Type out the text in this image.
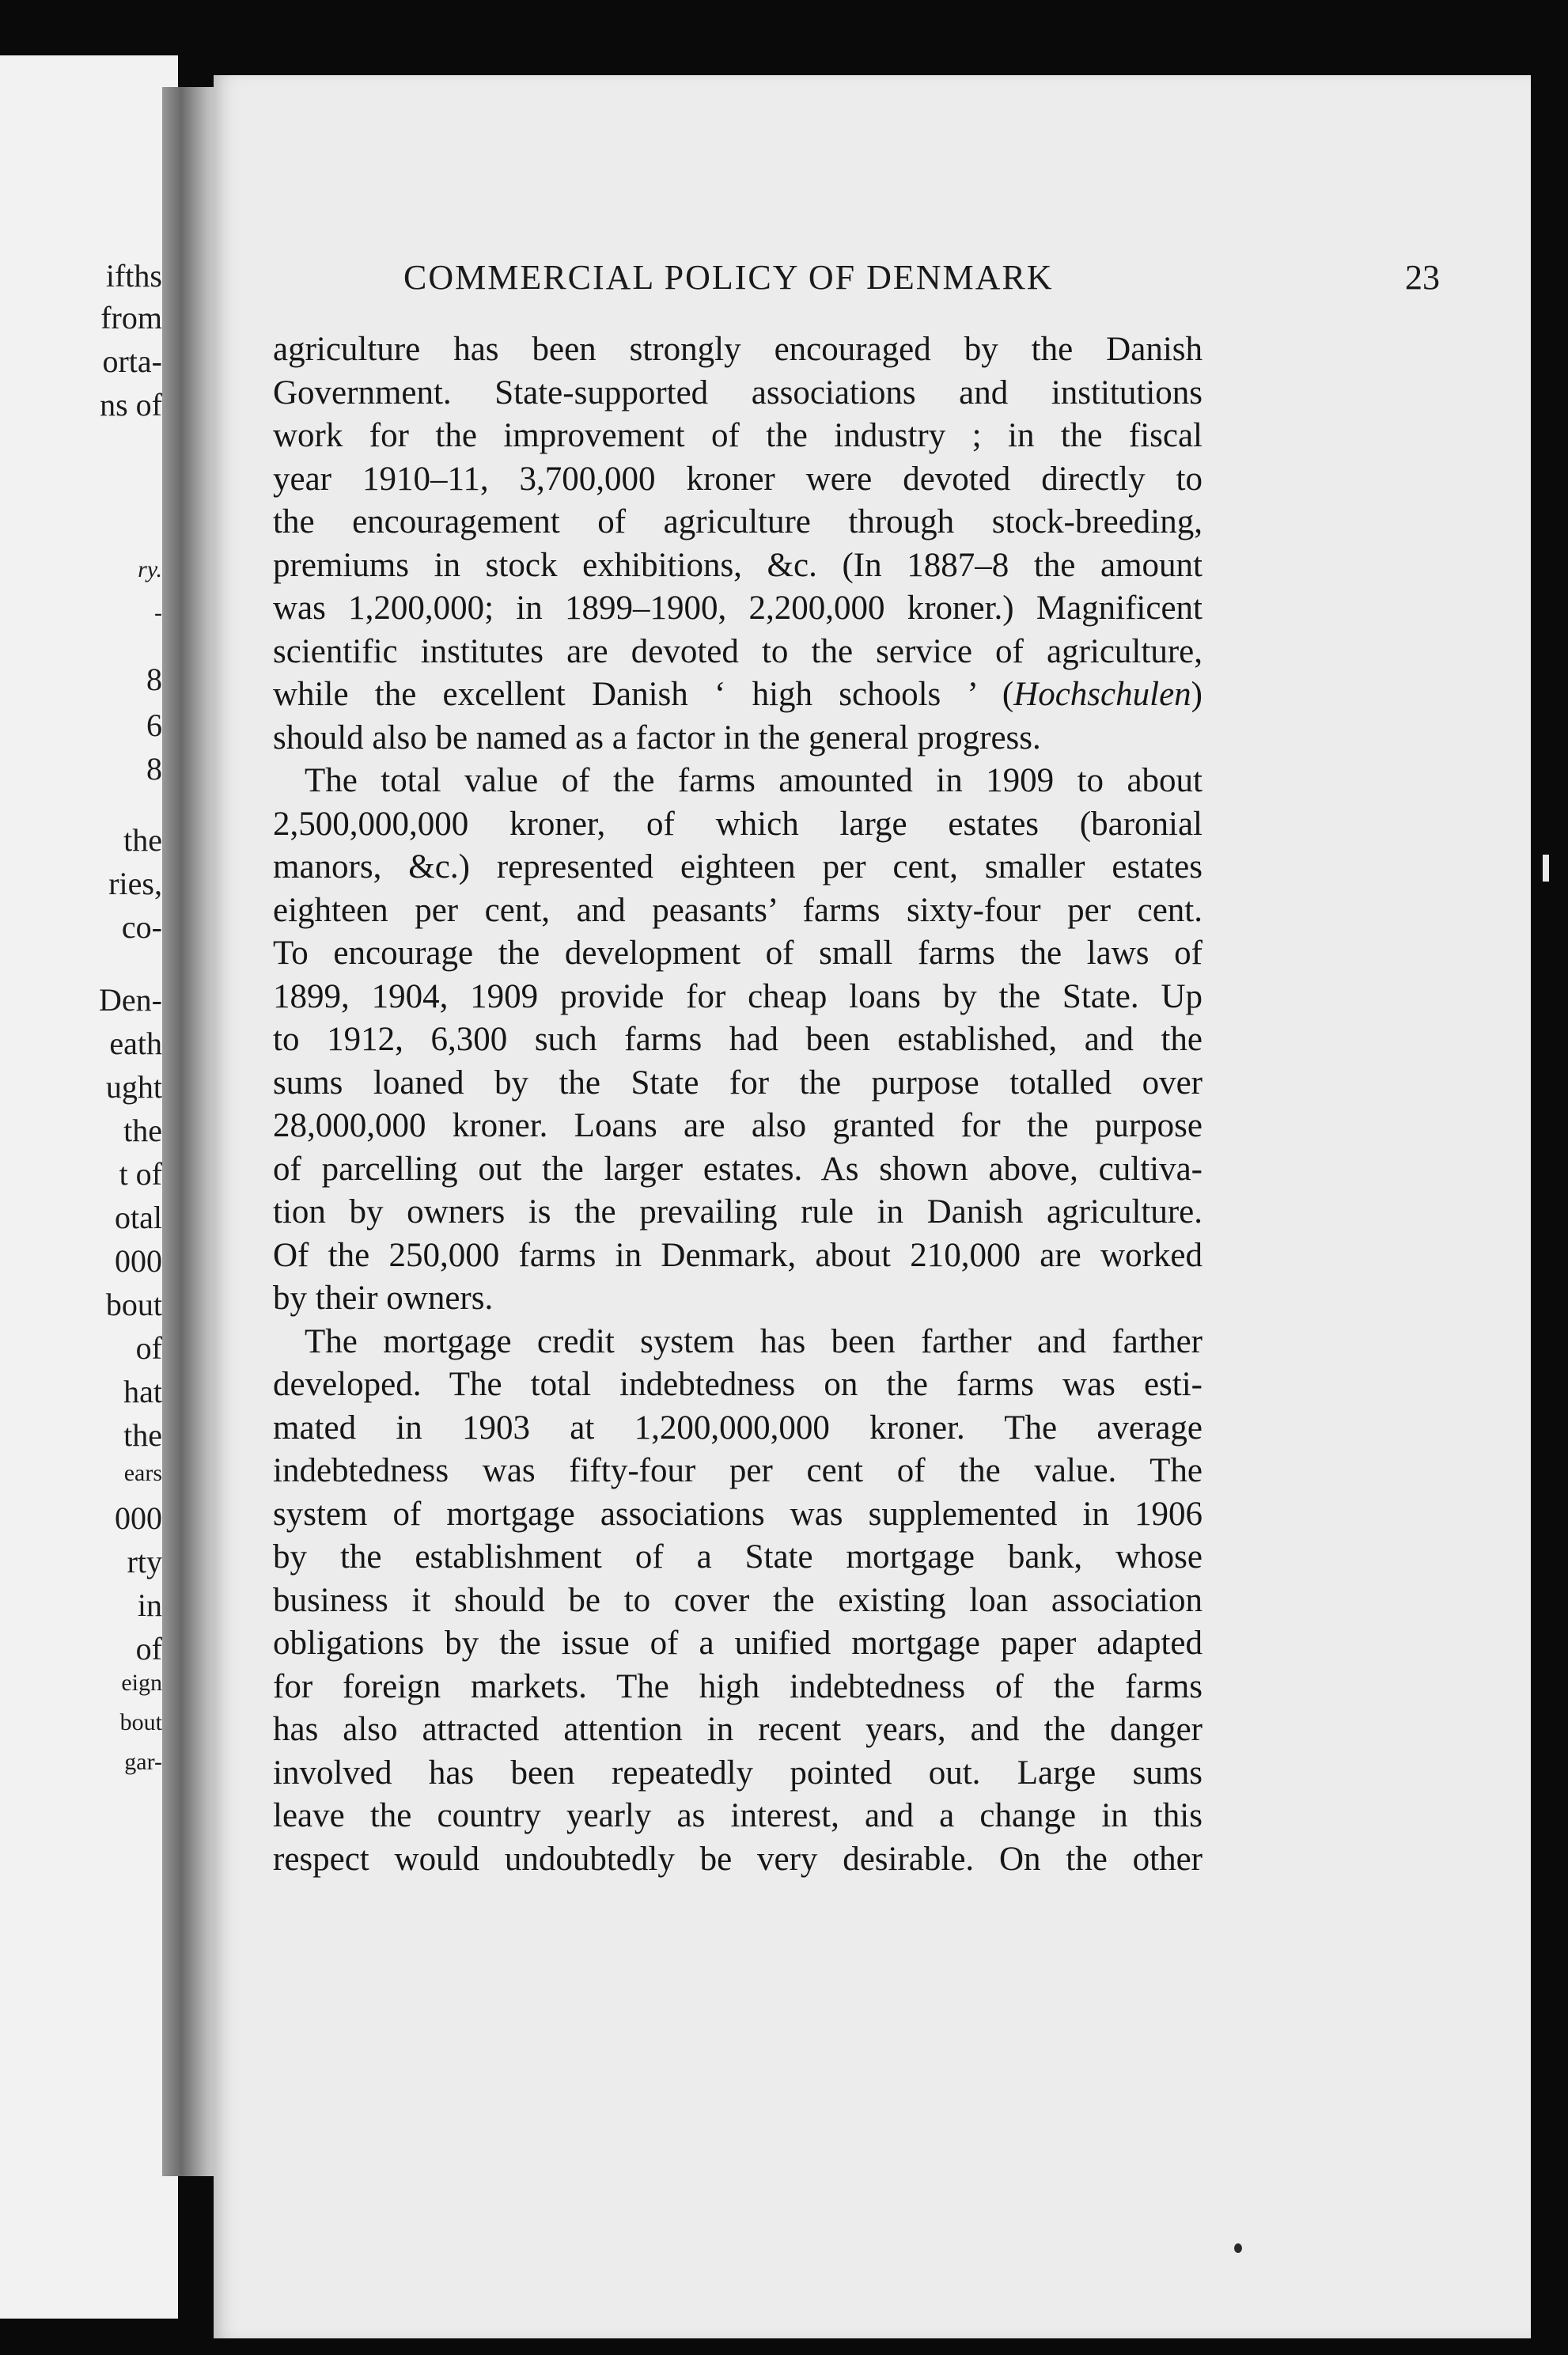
ifths
from
orta-
ns of
ry.
-
8
6
8
the
ries,
co-
Den-
eath
ught
the
t of
otal
000
bout
of
hat
the
ears
000
rty
in
of
eign
bout
gar-
COMMERCIAL POLICY OF DENMARK	23
agriculture has been strongly encouraged by the Danish
Government. State-supported associations and institutions
work for the improvement of the industry ; in the fiscal
year 1910–11, 3,700,000 kroner were devoted directly to
the encouragement of agriculture through stock-breeding,
premiums in stock exhibitions, &c. (In 1887–8 the amount
was 1,200,000; in 1899–1900, 2,200,000 kroner.) Magnificent
scientific institutes are devoted to the service of agriculture,
while the excellent Danish ‘ high schools ’ (Hochschulen)
should also be named as a factor in the general progress.
The total value of the farms amounted in 1909 to about
2,500,000,000 kroner, of which large estates (baronial
manors, &c.) represented eighteen per cent, smaller estates
eighteen per cent, and peasants’ farms sixty-four per cent.
To encourage the development of small farms the laws of
1899, 1904, 1909 provide for cheap loans by the State. Up
to 1912, 6,300 such farms had been established, and the
sums loaned by the State for the purpose totalled over
28,000,000 kroner. Loans are also granted for the purpose
of parcelling out the larger estates. As shown above, cultiva-
tion by owners is the prevailing rule in Danish agriculture.
Of the 250,000 farms in Denmark, about 210,000 are worked
by their owners.
The mortgage credit system has been farther and farther
developed. The total indebtedness on the farms was esti-
mated in 1903 at 1,200,000,000 kroner. The average
indebtedness was fifty-four per cent of the value. The
system of mortgage associations was supplemented in 1906
by the establishment of a State mortgage bank, whose
business it should be to cover the existing loan association
obligations by the issue of a unified mortgage paper adapted
for foreign markets. The high indebtedness of the farms
has also attracted attention in recent years, and the danger
involved has been repeatedly pointed out. Large sums
leave the country yearly as interest, and a change in this
respect would undoubtedly be very desirable. On the other
